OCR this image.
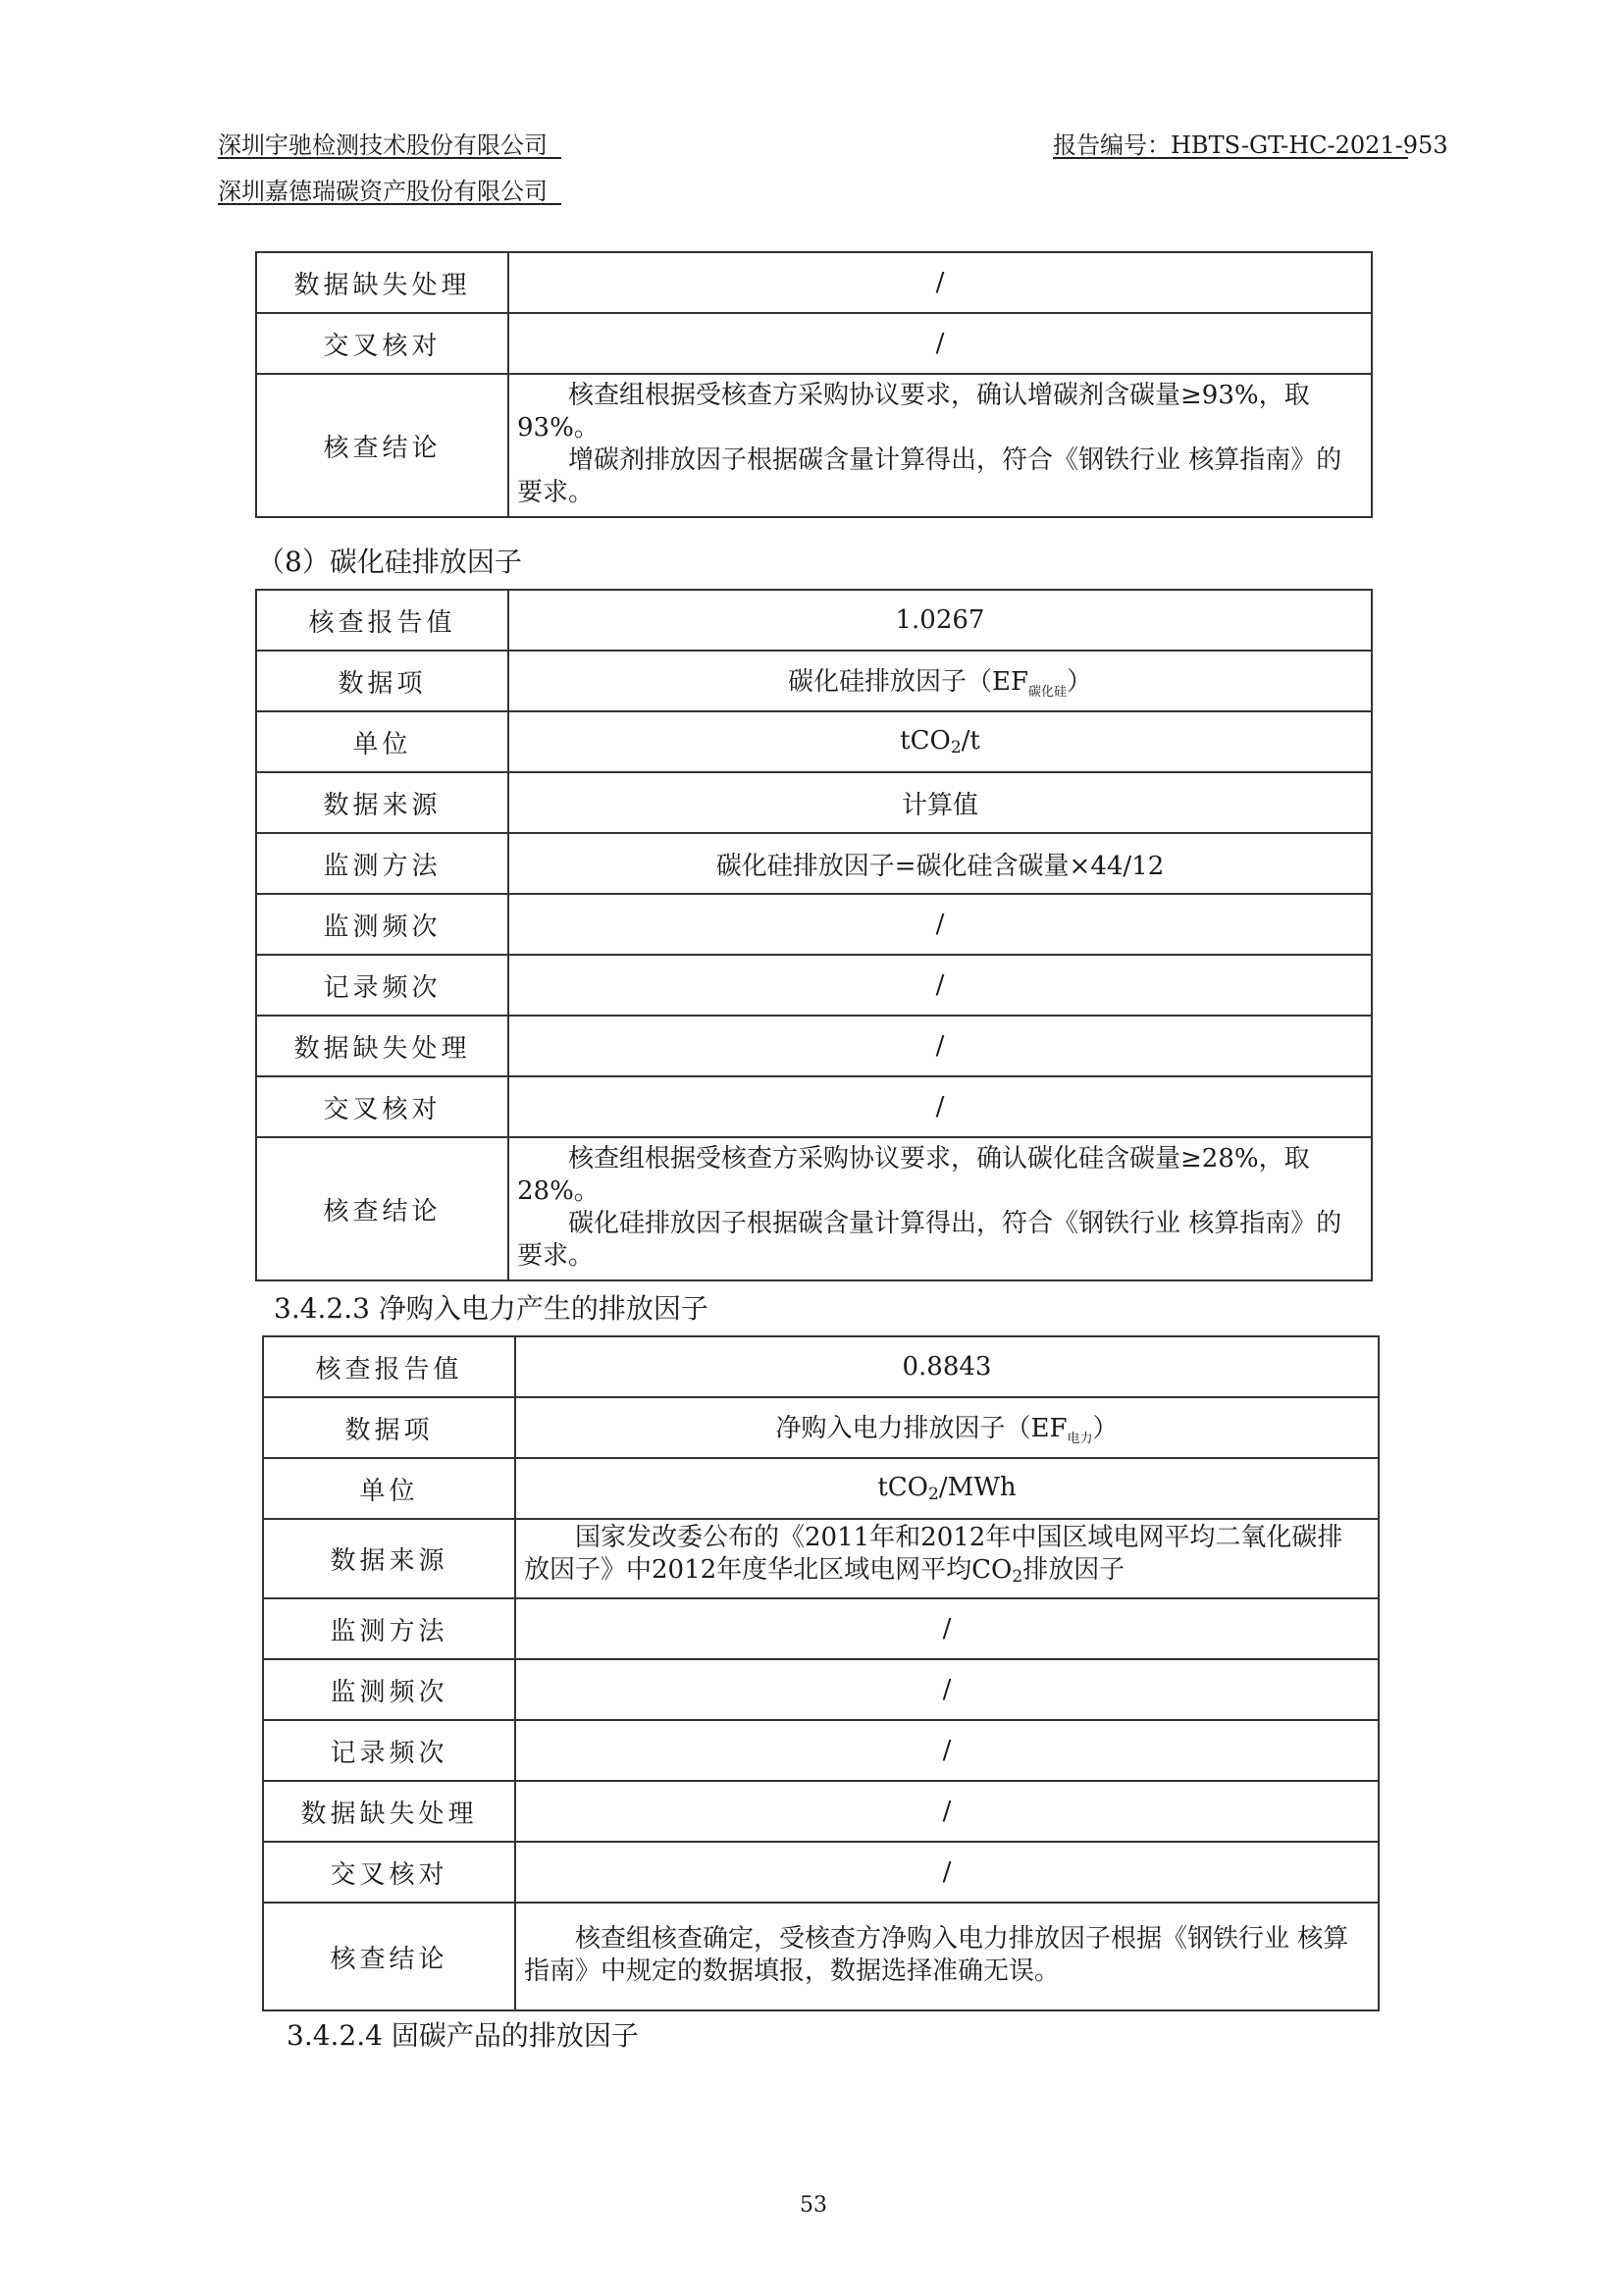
深圳宇驰检测技术股份有限公司	报告编号：HBTS-GT-HC-2021-953
深圳嘉德瑞碳资产股份有限公司
数据缺失处理	/
交叉核对	/
核查结论	核查组根据受核查方采购协议要求，确认增碳剂含碳量≥93%，取93%。
增碳剂排放因子根据碳含量计算得出，符合《钢铁行业 核算指南》的要求。
（8）碳化硅排放因子
核查报告值	1.0267
数据项	碳化硅排放因子$(EF_{碳化硅})$
单位	tCO$_2$/t
数据来源	计算值
监测方法	碳化硅排放因子=碳化硅含碳量×44/12
监测频次	/
记录频次	/
数据缺失处理	/
交叉核对	/
核查结论	核查组根据受核查方采购协议要求，确认碳化硅含碳量≥28%，取28%。
碳化硅排放因子根据碳含量计算得出，符合《钢铁行业 核算指南》的要求。
3.4.2.3 净购入电力产生的排放因子
核查报告值	0.8843
数据项	净购入电力排放因子$(EF_{电力})$
单位	tCO$_2$/MWh
数据来源	国家发改委公布的《2011年和2012年中国区域电网平均二氧化碳排放因子》中2012年度华北区域电网平均$CO_2$排放因子
监测方法	/
监测频次	/
记录频次	/
数据缺失处理	/
交叉核对	/
核查结论	核查组核查确定，受核查方净购入电力排放因子根据《钢铁行业 核算指南》中规定的数据填报，数据选择准确无误。
3.4.2.4 固碳产品的排放因子
53
